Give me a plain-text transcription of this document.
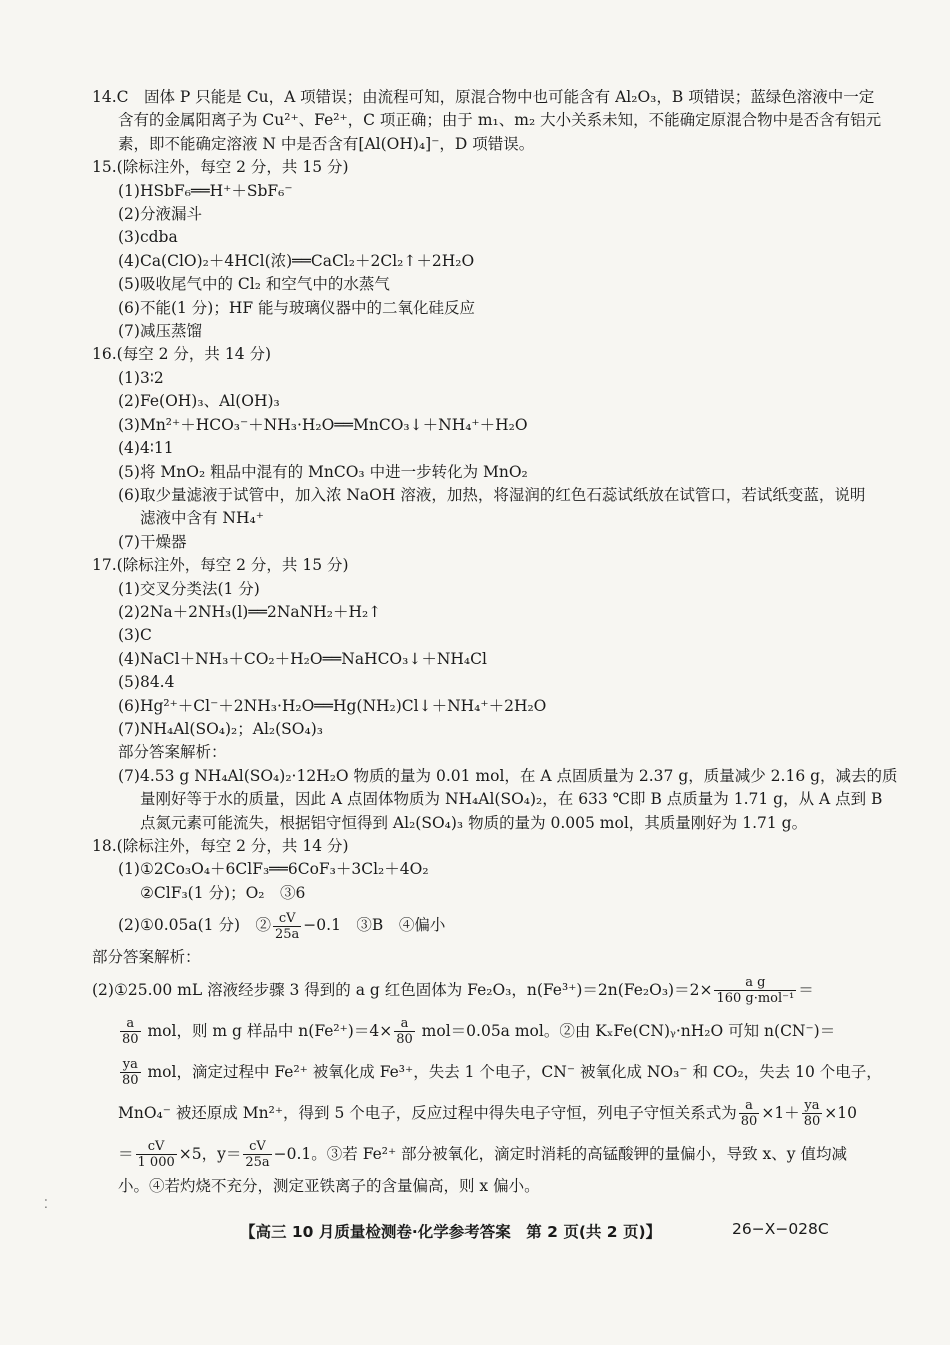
14.C　固体 P 只能是 Cu，A 项错误；由流程可知，原混合物中也可能含有 Al₂O₃，B 项错误；蓝绿色溶液中一定
含有的金属阳离子为 Cu²⁺、Fe²⁺，C 项正确；由于 m₁、m₂ 大小关系未知，不能确定原混合物中是否含有铝元
素，即不能确定溶液 N 中是否含有[Al(OH)₄]⁻，D 项错误。
15.(除标注外，每空 2 分，共 15 分)
(1)HSbF₆══H⁺＋SbF₆⁻
(2)分液漏斗
(3)cdba
(4)Ca(ClO)₂＋4HCl(浓)══CaCl₂＋2Cl₂↑＋2H₂O
(5)吸收尾气中的 Cl₂ 和空气中的水蒸气
(6)不能(1 分)；HF 能与玻璃仪器中的二氧化硅反应
(7)减压蒸馏
16.(每空 2 分，共 14 分)
(1)3∶2
(2)Fe(OH)₃、Al(OH)₃
(3)Mn²⁺＋HCO₃⁻＋NH₃·H₂O══MnCO₃↓＋NH₄⁺＋H₂O
(4)4∶11
(5)将 MnO₂ 粗品中混有的 MnCO₃ 中进一步转化为 MnO₂
(6)取少量滤液于试管中，加入浓 NaOH 溶液，加热，将湿润的红色石蕊试纸放在试管口，若试纸变蓝，说明
滤液中含有 NH₄⁺
(7)干燥器
17.(除标注外，每空 2 分，共 15 分)
(1)交叉分类法(1 分)
(2)2Na＋2NH₃(l)══2NaNH₂＋H₂↑
(3)C
(4)NaCl＋NH₃＋CO₂＋H₂O══NaHCO₃↓＋NH₄Cl
(5)84.4
(6)Hg²⁺＋Cl⁻＋2NH₃·H₂O══Hg(NH₂)Cl↓＋NH₄⁺＋2H₂O
(7)NH₄Al(SO₄)₂；Al₂(SO₄)₃
部分答案解析：
(7)4.53 g NH₄Al(SO₄)₂·12H₂O 物质的量为 0.01 mol，在 A 点固质量为 2.37 g，质量减少 2.16 g，减去的质
量刚好等于水的质量，因此 A 点固体物质为 NH₄Al(SO₄)₂，在 633 ℃即 B 点质量为 1.71 g，从 A 点到 B
点氮元素可能流失，根据铝守恒得到 Al₂(SO₄)₃ 物质的量为 0.005 mol，其质量刚好为 1.71 g。
18.(除标注外，每空 2 分，共 14 分)
(1)①2Co₃O₄＋6ClF₃══6CoF₃＋3Cl₂＋4O₂
②ClF₃(1 分)；O₂　③6
(2)①0.05a(1 分)　② $\frac{cV}{25a} -0.1$　③B　④偏小
部分答案解析：
(2)①25.00 mL 溶液经步骤 3 得到的 a g 红色固体为 Fe₂O₃，$n(Fe^{3+})=2n(Fe_2O_3)=2\times \frac{\text{a g}}{\text{160 g·mol⁻¹}}$ ＝
$\frac{a}{80}$ mol，则 m g 样品中 $n(Fe^{2+})=4\times \frac{a}{80} mol=0.05a$ mol。②由 KₓFe(CN)ᵧ·nH₂O 可知 n(CN⁻)＝
$\frac{ya}{80}$ mol，滴定过程中 Fe²⁺ 被氧化成 Fe³⁺，失去 1 个电子，CN⁻ 被氧化成 NO₃⁻ 和 CO₂，失去 10 个电子，
MnO₄⁻ 被还原成 Mn²⁺，得到 5 个电子，反应过程中得失电子守恒，列电子守恒关系式为 $\frac{a}{80} \times 1+ \frac{ya}{80} \times 10$
＝ $\frac{cV}{1 000} \times 5$，$y= \frac{cV}{25a} -0.1$。③若 Fe²⁺ 部分被氧化，滴定时消耗的高锰酸钾的量偏小，导致 x、y 值均减
小。④若灼烧不充分，测定亚铁离子的含量偏高，则 x 偏小。
⁚
【高三 10 月质量检测卷·化学参考答案　第 2 页(共 2 页)】	26−X−028C
